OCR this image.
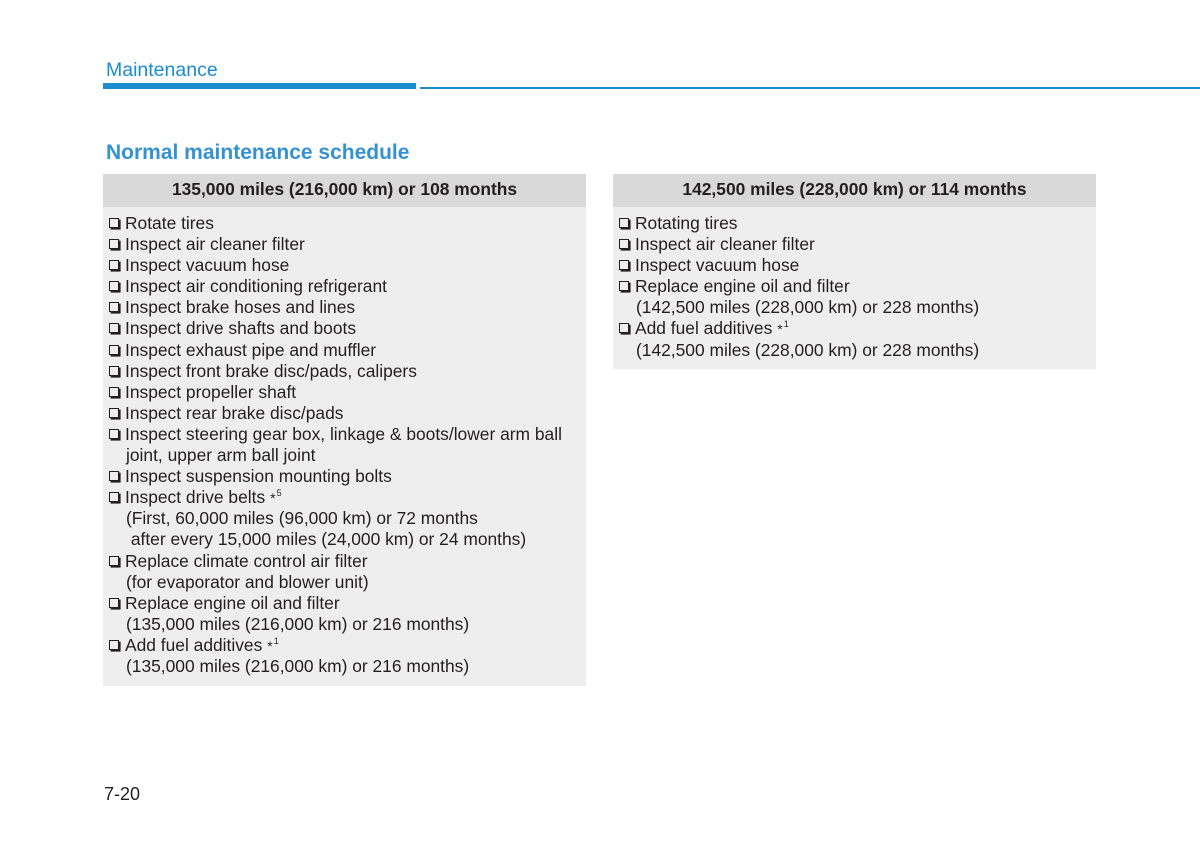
Maintenance
Normal maintenance schedule
135,000 miles (216,000 km) or 108 months
Rotate tires
Inspect air cleaner filter
Inspect vacuum hose
Inspect air conditioning refrigerant
Inspect brake hoses and lines
Inspect drive shafts and boots
Inspect exhaust pipe and muffler
Inspect front brake disc/pads, calipers
Inspect propeller shaft
Inspect rear brake disc/pads
Inspect steering gear box, linkage & boots/lower arm ball
joint, upper arm ball joint
Inspect suspension mounting bolts
Inspect drive belts *$^5$
(First, 60,000 miles (96,000 km) or 72 months
after every 15,000 miles (24,000 km) or 24 months)
Replace climate control air filter
(for evaporator and blower unit)
Replace engine oil and filter
(135,000 miles (216,000 km) or 216 months)
Add fuel additives *$^1$
(135,000 miles (216,000 km) or 216 months)
142,500 miles (228,000 km) or 114 months
Rotating tires
Inspect air cleaner filter
Inspect vacuum hose
Replace engine oil and filter
(142,500 miles (228,000 km) or 228 months)
Add fuel additives *$^1$
(142,500 miles (228,000 km) or 228 months)
7-20
